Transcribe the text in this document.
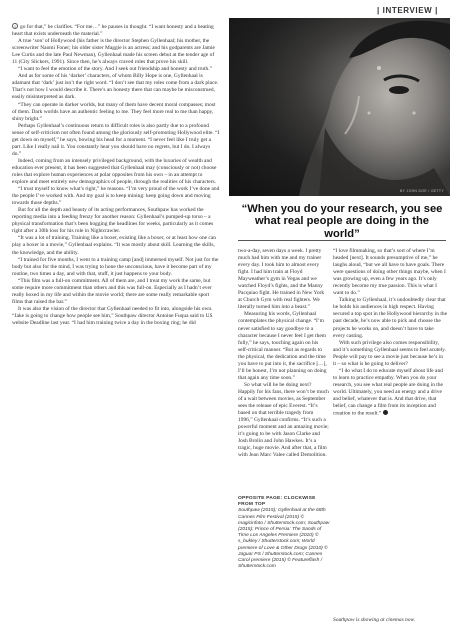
| INTERVIEW |
BY JOHN DOE / GETTY
“When you do your research, you see what real people are doing in the world”

I go for that,” he clarifies. “For me…” he pauses in thought. “I want honesty and a beating heart that exists underneath the material.”

A true ‘son’ of Hollywood (his father is the director Stephen Gyllenhaal; his mother, the screenwriter Naomi Foner; his older sister Maggie is an actress; and his godparents are Jamie Lee Curtis and the late Paul Newman), Gyllenhaal made his screen debut at the tender age of 11 (City Slickers, 1991). Since then, he’s always craved roles that prove his skill.

“I want to feel the emotion of the story. And I seek out friendship and honesty and truth.”

And as for some of his ‘darker’ characters, of whom Billy Hope is one, Gyllenhaal is adamant that ‘dark’ just isn’t the right word. “I don’t see that my roles come from a dark place. That’s not how I would describe it. There’s an honesty there that can maybe be misconstrued, easily misinterpreted as dark.

“They can operate in darker worlds, but many of them have decent moral compasses; most of them. Dark worlds have an authentic feeling to me. They feel more real to me than happy, shiny bright.”

Perhaps Gyllenhaal’s continuous return to difficult roles is also partly due to a profound sense of self-criticism not often found among the gloriously self-promoting Hollywood elite. “I get down on myself,” he says, bowing his head for a moment. “I never feel like I truly get a part. Like I really nail it. You constantly hear you should have no regrets, but I do. I always do.”

Indeed, coming from an intensely privileged background, with the luxuries of wealth and education ever present, it has been suggested that Gyllenhaal may (consciously or not) choose roles that explore human experiences at polar opposites from his own – in an attempt to explore and meet entirely new demographics of people, through the realities of his characters.

“I trust myself to know what’s right,” he reasons. “I’m very proud of the work I’ve done and the people I’ve worked with. And my goal is to keep mining: keep going down and moving towards those depths.”

But for all the depth and beauty of its acting performances, Southpaw has worked the reporting media into a feeding frenzy for another reason: Gyllenhaal’s pumped-up torso – a physical transformation that’s been hogging the headlines for weeks, particularly as it comes right after a 30lb loss for his role in Nightcrawler.

“It was a lot of training. Training like a boxer, existing like a boxer, or at least how one can play a boxer in a movie,” Gyllenhaal explains. “It was mostly about skill. Learning the skills, the knowledge, and the ability.

“I trained for five months, I went to a training camp [and] immersed myself. Not just for the body but also for the mind, I was trying to hone the unconscious, have it become part of my routine, two times a day, and with that, stuff, it just happens to your body.

“This film was a full-on commitment. All of them are, and I treat my work the same, but some require more commitment than others and this was full-on. Especially as I hadn’t ever really boxed in my life and within the movie world; there are some really remarkable sport films that raised the bar.”

It was also the vision of the director that Gyllenhaal needed to fit into, alongside his own. “Jake is going to change how people see him,” Southpaw director Antoine Fuqua said to US website Deadline last year. “I had him training twice a day in the boxing ring; he did

two-a-day, seven days a week. I pretty much had him with me and my trainer every day. I took him to almost every fight. I had him train at Floyd Mayweather’s gym in Vegas and we watched Floyd’s fights, and the Manny Pacquiao fight. He trained in New York at Church Gym with real fighters. We literally turned him into a beast.”

Measuring his words, Gyllenhaal contemplates the physical change. “I’m never satisfied to say goodbye to a character because I never feel I get them fully,” he says, touching again on his self-critical manner. “But as regards to the physical, the dedication and the time you have to put into it, the sacrifice […], I’ll be honest, I’m not planning on doing that again any time soon.”

So what will he be doing next? Happily for his fans, there won’t be much of a wait between movies, as September sees the release of epic Everest. “It’s based on that terrible tragedy from 1996,” Gyllenhaal confirms. “It’s such a powerful moment and an amazing movie; it’s going to be with Jason Clarke and Josh Brolin and John Hawkes. It’s a tragic, huge movie. And after that, a film with Jean Marc Valee called Demolition.

“I love filmmaking, so that’s sort of where I’m headed [next]. It sounds presumptive of me,” he laughs aloud, “but we all have to have goals. There were questions of doing other things maybe, when I was growing up, even a few years ago. It’s only recently become my true passion. This is what I want to do.”

Talking to Gyllenhaal, it’s undoubtedly clear that he holds his audiences in high respect. Having secured a top spot in the Hollywood hierarchy in the past decade, he’s now able to pick and choose the projects he works on, and doesn’t have to take every casting.

With such privilege also comes responsibility, and it’s something Gyllenhaal seems to feel acutely. People will pay to see a movie just because he’s in it – so what is he going to deliver?

“I do what I do to educate myself about life and to learn to practice empathy. When you do your research, you see what real people are doing in the world. Ultimately, you need an energy and a drive and belief, whatever that is. And that drive, that belief, can change a film from its inception and creation to the result.”

OPPOSITE PAGE: CLOCKWISE FROM TOP
Southpaw (2015); Gyllenhaal at the 68th Cannes Film Festival (2015) © magicinfoto / Shutterstock.com; Southpaw (2015); Prince of Persia: The Sands of Time Los Angeles Premiere (2010) © s_bukley / Shutterstock.com; World premiere of Love & Other Drugs (2010) © Jaguar PS / Shutterstock.com; Cannes Carol premiere (2015) © Featureflash / Shutterstock.com
Southpaw is showing at cinemas now.
